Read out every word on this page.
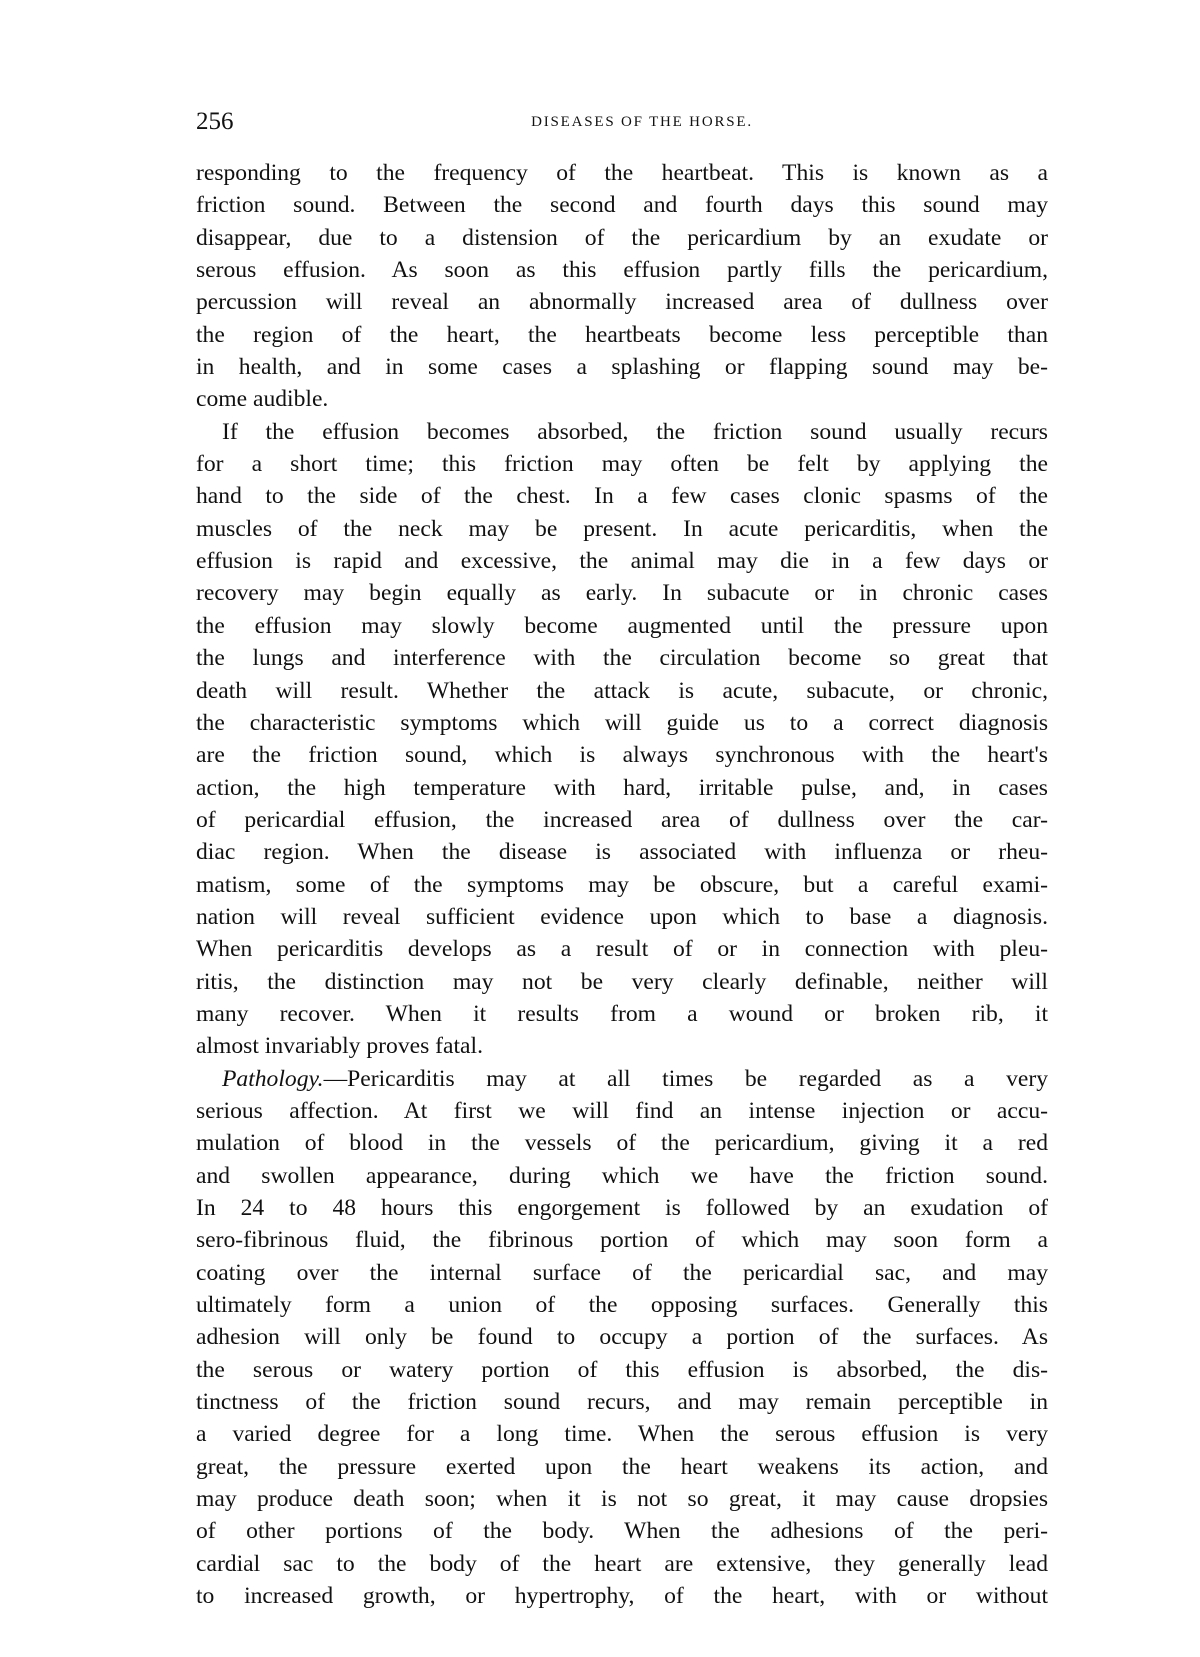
256	DISEASES OF THE HORSE.
responding to the frequency of the heartbeat. This is known as a
friction sound. Between the second and fourth days this sound may
disappear, due to a distension of the pericardium by an exudate or
serous effusion. As soon as this effusion partly fills the pericardium,
percussion will reveal an abnormally increased area of dullness over
the region of the heart, the heartbeats become less perceptible than
in health, and in some cases a splashing or flapping sound may be-
come audible.
If the effusion becomes absorbed, the friction sound usually recurs
for a short time; this friction may often be felt by applying the
hand to the side of the chest. In a few cases clonic spasms of the
muscles of the neck may be present. In acute pericarditis, when the
effusion is rapid and excessive, the animal may die in a few days or
recovery may begin equally as early. In subacute or in chronic cases
the effusion may slowly become augmented until the pressure upon
the lungs and interference with the circulation become so great that
death will result. Whether the attack is acute, subacute, or chronic,
the characteristic symptoms which will guide us to a correct diagnosis
are the friction sound, which is always synchronous with the heart's
action, the high temperature with hard, irritable pulse, and, in cases
of pericardial effusion, the increased area of dullness over the car-
diac region. When the disease is associated with influenza or rheu-
matism, some of the symptoms may be obscure, but a careful exami-
nation will reveal sufficient evidence upon which to base a diagnosis.
When pericarditis develops as a result of or in connection with pleu-
ritis, the distinction may not be very clearly definable, neither will
many recover. When it results from a wound or broken rib, it
almost invariably proves fatal.
Pathology.—Pericarditis may at all times be regarded as a very
serious affection. At first we will find an intense injection or accu-
mulation of blood in the vessels of the pericardium, giving it a red
and swollen appearance, during which we have the friction sound.
In 24 to 48 hours this engorgement is followed by an exudation of
sero-fibrinous fluid, the fibrinous portion of which may soon form a
coating over the internal surface of the pericardial sac, and may
ultimately form a union of the opposing surfaces. Generally this
adhesion will only be found to occupy a portion of the surfaces. As
the serous or watery portion of this effusion is absorbed, the dis-
tinctness of the friction sound recurs, and may remain perceptible in
a varied degree for a long time. When the serous effusion is very
great, the pressure exerted upon the heart weakens its action, and
may produce death soon; when it is not so great, it may cause dropsies
of other portions of the body. When the adhesions of the peri-
cardial sac to the body of the heart are extensive, they generally lead
to increased growth, or hypertrophy, of the heart, with or without
